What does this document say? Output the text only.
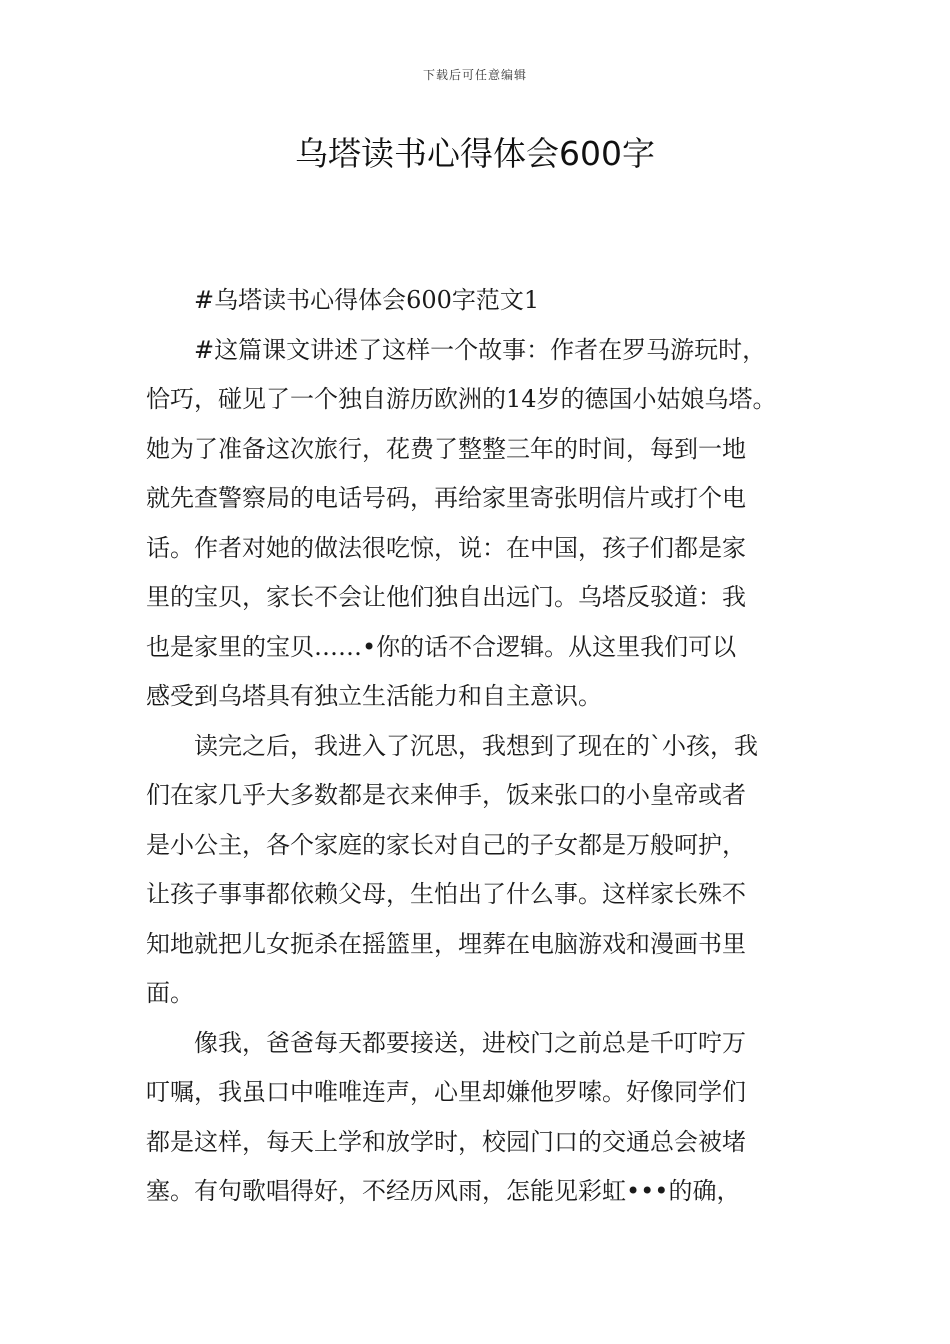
下载后可任意编辑
乌塔读书心得体会600字
#乌塔读书心得体会600字范文1
#这篇课文讲述了这样一个故事：作者在罗马游玩时，
恰巧，碰见了一个独自游历欧洲的14岁的德国小姑娘乌塔。
她为了准备这次旅行，花费了整整三年的时间，每到一地
就先查警察局的电话号码，再给家里寄张明信片或打个电
话。作者对她的做法很吃惊，说：在中国，孩子们都是家
里的宝贝，家长不会让他们独自出远门。乌塔反驳道：我
也是家里的宝贝……•你的话不合逻辑。从这里我们可以
感受到乌塔具有独立生活能力和自主意识。
读完之后，我进入了沉思，我想到了现在的`小孩，我
们在家几乎大多数都是衣来伸手，饭来张口的小皇帝或者
是小公主，各个家庭的家长对自己的子女都是万般呵护，
让孩子事事都依赖父母，生怕出了什么事。这样家长殊不
知地就把儿女扼杀在摇篮里，埋葬在电脑游戏和漫画书里
面。
像我，爸爸每天都要接送，进校门之前总是千叮咛万
叮嘱，我虽口中唯唯连声，心里却嫌他罗嗦。好像同学们
都是这样，每天上学和放学时，校园门口的交通总会被堵
塞。有句歌唱得好，不经历风雨，怎能见彩虹•••的确，
